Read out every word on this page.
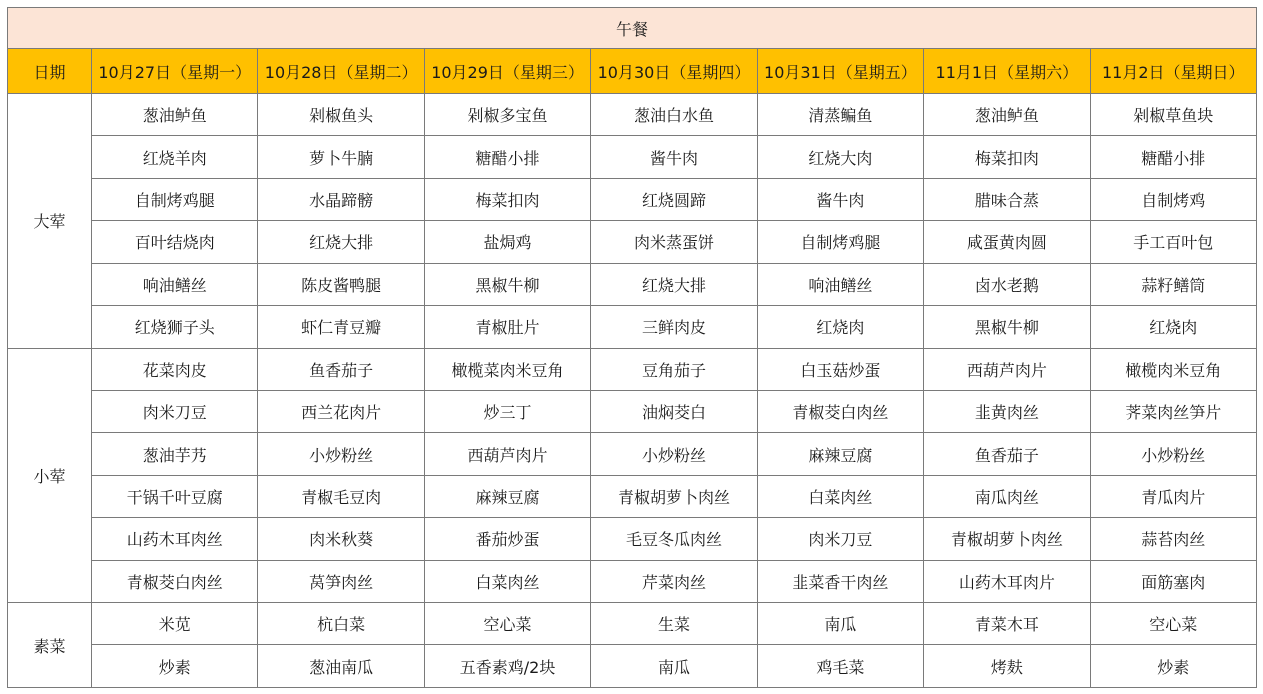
午餐							
日期	10月27日（星期一）	10月28日（星期二）	10月29日（星期三）	10月30日（星期四）	10月31日（星期五）	11月1日（星期六）	11月2日（星期日）
大荤	葱油鲈鱼	剁椒鱼头	剁椒多宝鱼	葱油白水鱼	清蒸鳊鱼	葱油鲈鱼	剁椒草鱼块
	红烧羊肉	萝卜牛腩	糖醋小排	酱牛肉	红烧大肉	梅菜扣肉	糖醋小排
	自制烤鸡腿	水晶蹄髈	梅菜扣肉	红烧圆蹄	酱牛肉	腊味合蒸	自制烤鸡
	百叶结烧肉	红烧大排	盐焗鸡	肉米蒸蛋饼	自制烤鸡腿	咸蛋黄肉圆	手工百叶包
	响油鳝丝	陈皮酱鸭腿	黑椒牛柳	红烧大排	响油鳝丝	卤水老鹅	蒜籽鳝筒
	红烧狮子头	虾仁青豆瓣	青椒肚片	三鲜肉皮	红烧肉	黑椒牛柳	红烧肉
小荤	花菜肉皮	鱼香茄子	橄榄菜肉米豆角	豆角茄子	白玉菇炒蛋	西葫芦肉片	橄榄肉米豆角
	肉米刀豆	西兰花肉片	炒三丁	油焖茭白	青椒茭白肉丝	韭黄肉丝	荠菜肉丝笋片
	葱油芋艿	小炒粉丝	西葫芦肉片	小炒粉丝	麻辣豆腐	鱼香茄子	小炒粉丝
	干锅千叶豆腐	青椒毛豆肉	麻辣豆腐	青椒胡萝卜肉丝	白菜肉丝	南瓜肉丝	青瓜肉片
	山药木耳肉丝	肉米秋葵	番茄炒蛋	毛豆冬瓜肉丝	肉米刀豆	青椒胡萝卜肉丝	蒜苔肉丝
	青椒茭白肉丝	莴笋肉丝	白菜肉丝	芹菜肉丝	韭菜香干肉丝	山药木耳肉片	面筋塞肉
素菜	米苋	杭白菜	空心菜	生菜	南瓜	青菜木耳	空心菜
	炒素	葱油南瓜	五香素鸡/2块	南瓜	鸡毛菜	烤麸	炒素
